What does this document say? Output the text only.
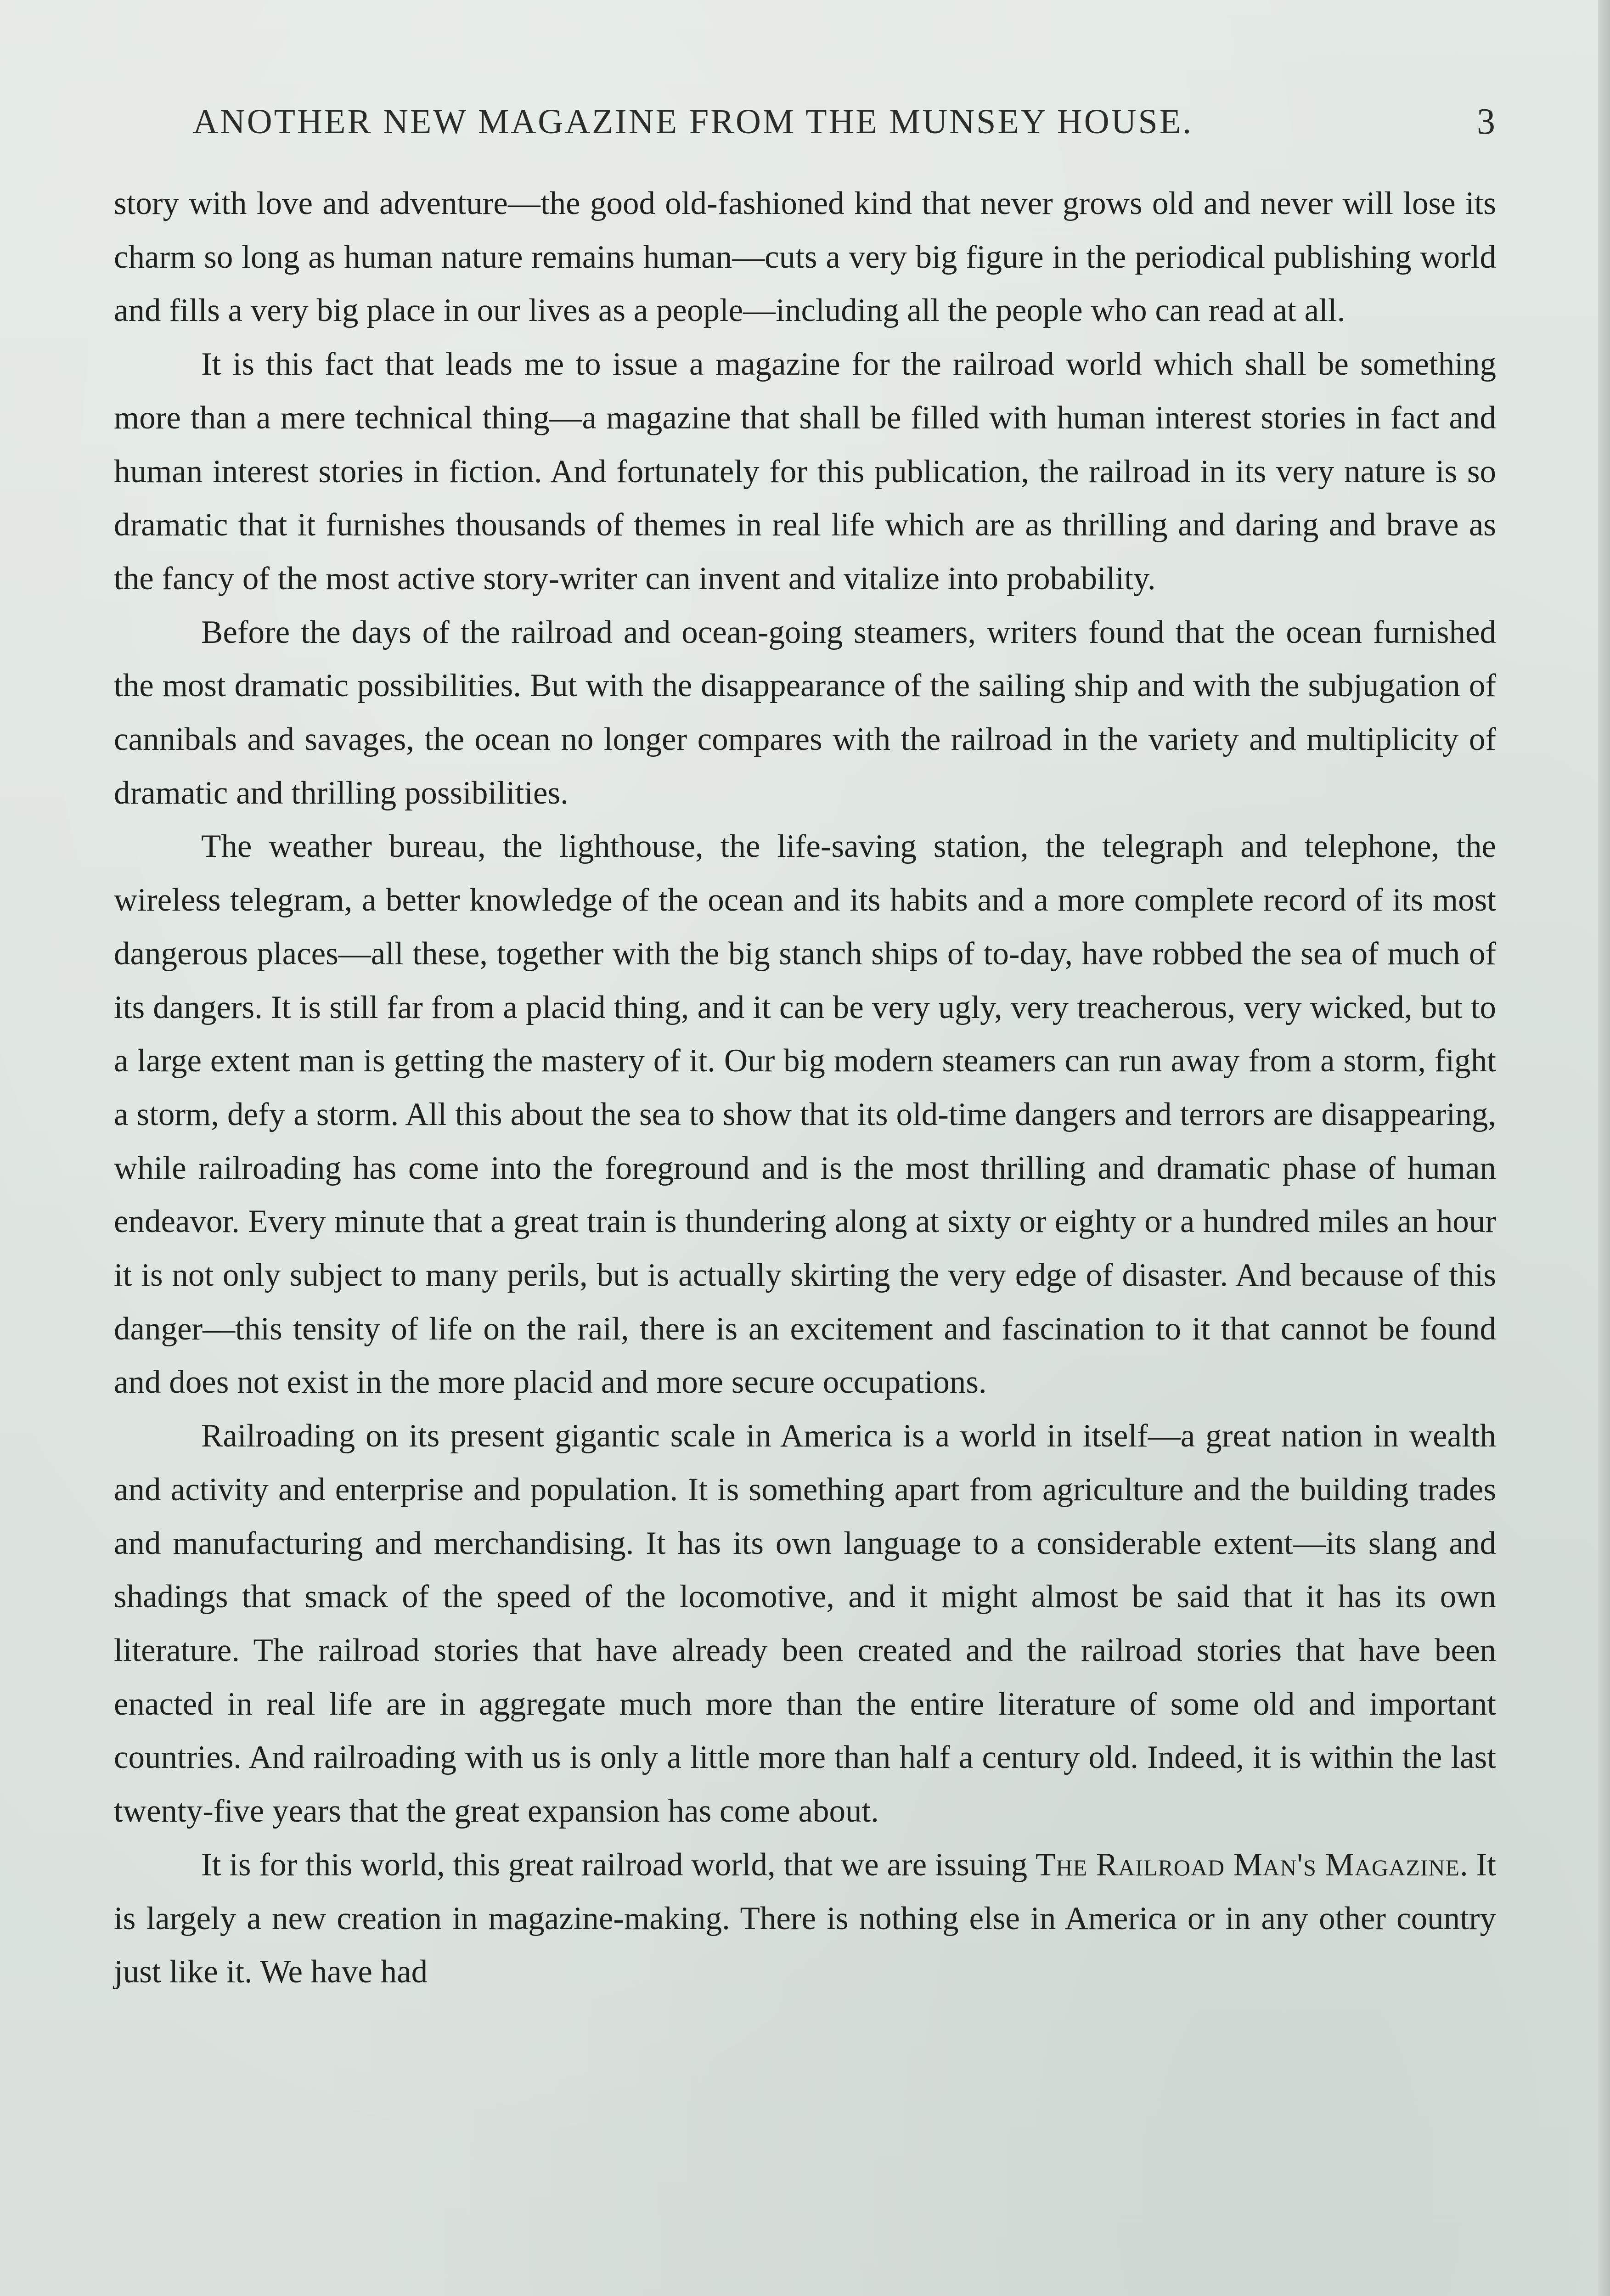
ANOTHER NEW MAGAZINE FROM THE MUNSEY HOUSE.	3

story with love and adventure—the good old-fashioned kind that never grows old and never will lose its charm so long as human nature remains human—cuts a very big figure in the periodical publishing world and fills a very big place in our lives as a people—including all the people who can read at all.

It is this fact that leads me to issue a magazine for the railroad world which shall be something more than a mere technical thing—a magazine that shall be filled with human interest stories in fact and human interest stories in fiction. And fortunately for this publication, the railroad in its very nature is so dramatic that it furnishes thousands of themes in real life which are as thrilling and daring and brave as the fancy of the most active story-writer can invent and vitalize into probability.

Before the days of the railroad and ocean-going steamers, writers found that the ocean furnished the most dramatic possibilities. But with the disappearance of the sailing ship and with the subjugation of cannibals and savages, the ocean no longer compares with the railroad in the variety and multiplicity of dramatic and thrilling possibilities.

The weather bureau, the lighthouse, the life-saving station, the telegraph and telephone, the wireless telegram, a better knowledge of the ocean and its habits and a more complete record of its most dangerous places—all these, together with the big stanch ships of to-day, have robbed the sea of much of its dangers. It is still far from a placid thing, and it can be very ugly, very treacherous, very wicked, but to a large extent man is getting the mastery of it. Our big modern steamers can run away from a storm, fight a storm, defy a storm. All this about the sea to show that its old-time dangers and terrors are disappearing, while railroading has come into the foreground and is the most thrilling and dramatic phase of human endeavor. Every minute that a great train is thundering along at sixty or eighty or a hundred miles an hour it is not only subject to many perils, but is actually skirting the very edge of disaster. And because of this danger—this tensity of life on the rail, there is an excitement and fascination to it that cannot be found and does not exist in the more placid and more secure occupations.

Railroading on its present gigantic scale in America is a world in itself—a great nation in wealth and activity and enterprise and population. It is something apart from agriculture and the building trades and manufacturing and merchandising. It has its own language to a considerable extent—its slang and shadings that smack of the speed of the locomotive, and it might almost be said that it has its own literature. The railroad stories that have already been created and the railroad stories that have been enacted in real life are in aggregate much more than the entire literature of some old and important countries. And railroading with us is only a little more than half a century old. Indeed, it is within the last twenty-five years that the great expansion has come about.

It is for this world, this great railroad world, that we are issuing The Railroad Man's Magazine. It is largely a new creation in magazine-making. There is nothing else in America or in any other country just like it. We have had
